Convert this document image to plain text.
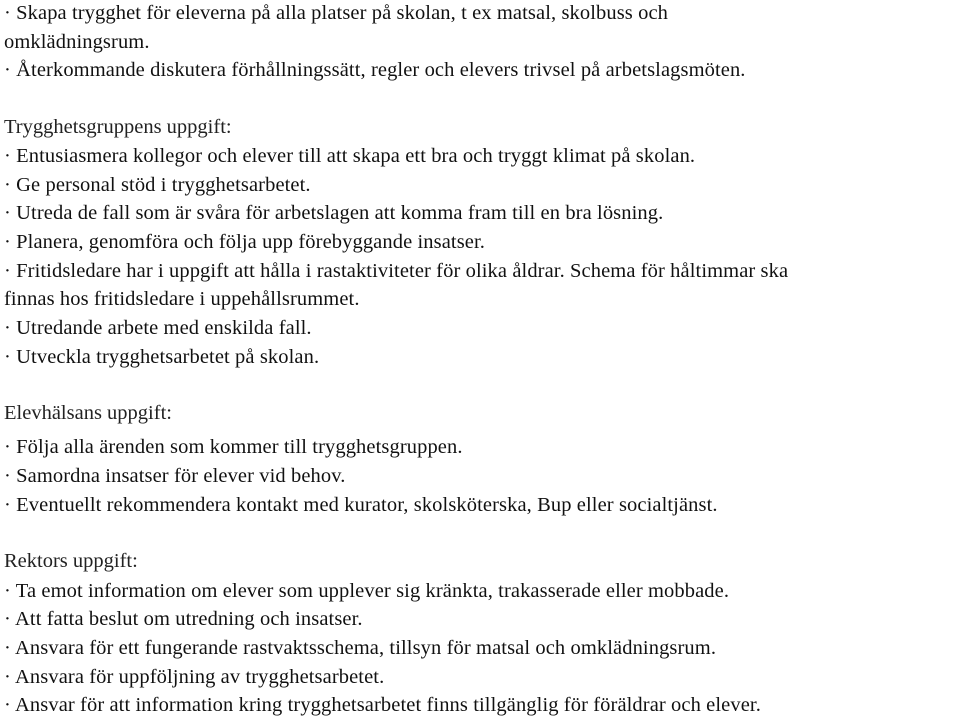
· Skapa trygghet för eleverna på alla platser på skolan, t ex matsal, skolbuss och
omklädningsrum.
· Återkommande diskutera förhållningssätt, regler och elevers trivsel på arbetslagsmöten.
Trygghetsgruppens uppgift:
· Entusiasmera kollegor och elever till att skapa ett bra och tryggt klimat på skolan.
· Ge personal stöd i trygghetsarbetet.
· Utreda de fall som är svåra för arbetslagen att komma fram till en bra lösning.
· Planera, genomföra och följa upp förebyggande insatser.
· Fritidsledare har i uppgift att hålla i rastaktiviteter för olika åldrar. Schema för håltimmar ska
finnas hos fritidsledare i uppehållsrummet.
· Utredande arbete med enskilda fall.
· Utveckla trygghetsarbetet på skolan.
Elevhälsans uppgift:
· Följa alla ärenden som kommer till trygghetsgruppen.
· Samordna insatser för elever vid behov.
· Eventuellt rekommendera kontakt med kurator, skolsköterska, Bup eller socialtjänst.
Rektors uppgift:
· Ta emot information om elever som upplever sig kränkta, trakasserade eller mobbade.
· Att fatta beslut om utredning och insatser.
· Ansvara för ett fungerande rastvaktsschema, tillsyn för matsal och omklädningsrum.
· Ansvara för uppföljning av trygghetsarbetet.
· Ansvar för att information kring trygghetsarbetet finns tillgänglig för föräldrar och elever.
